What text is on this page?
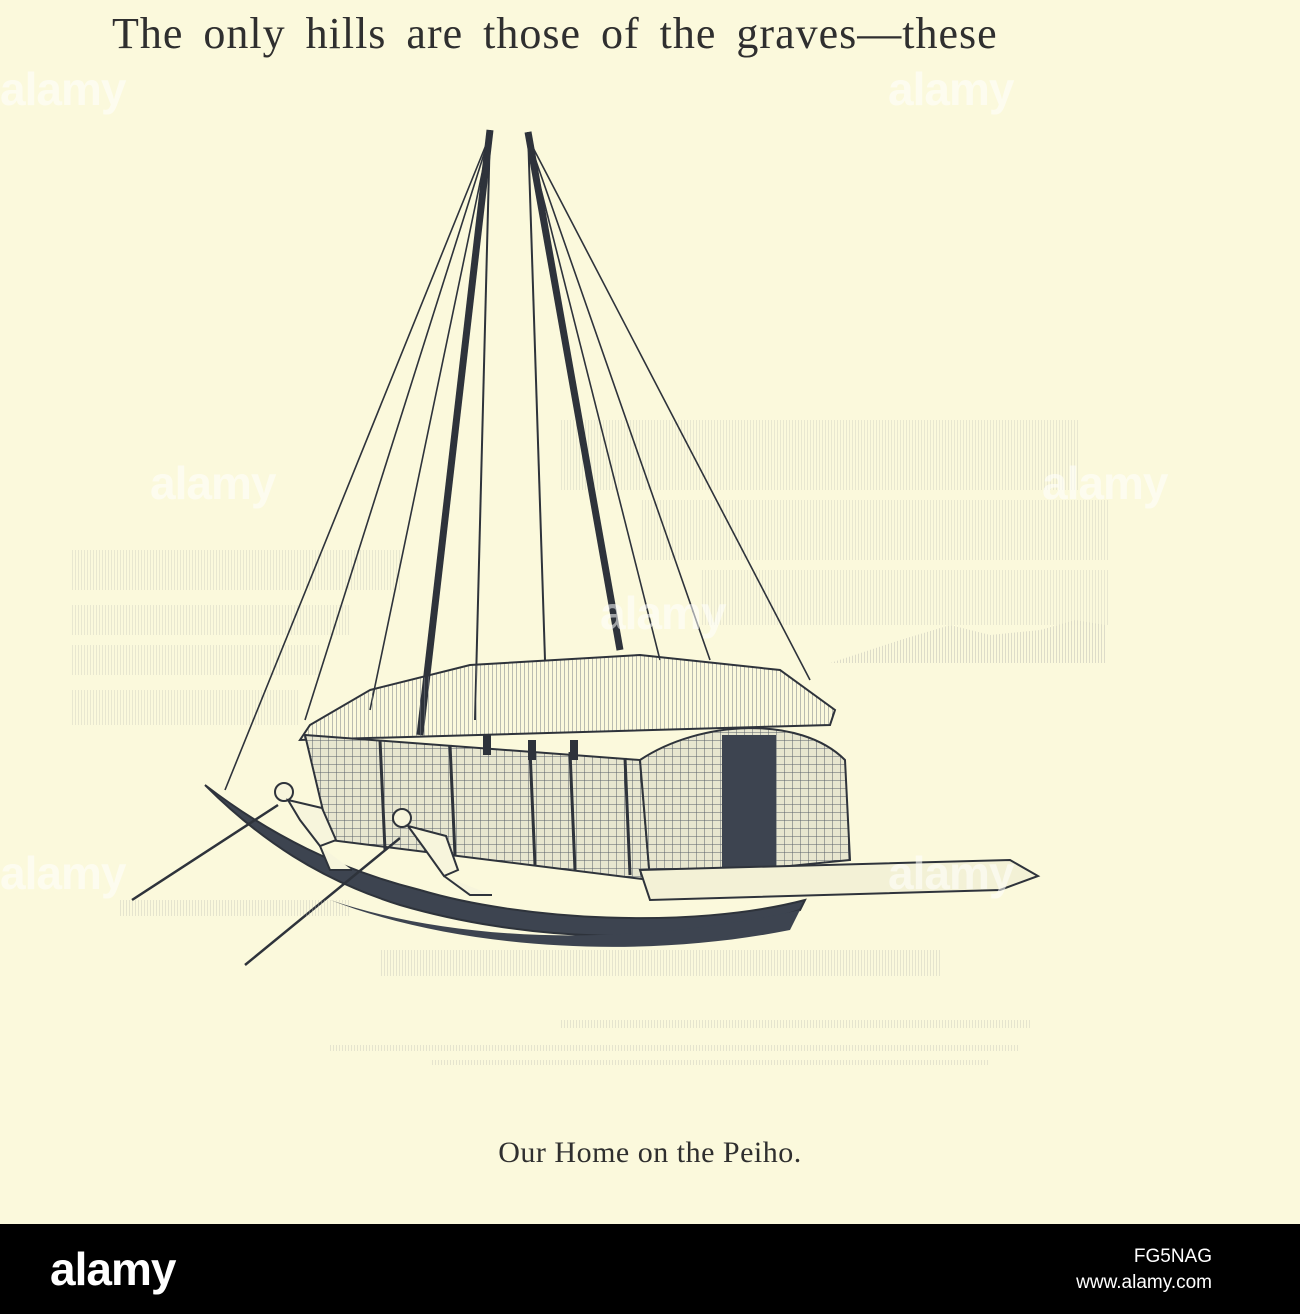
The only hills are those of the graves—these

alamy	alamy
alamy	alamy
alamy
alamy	alamy

Our Home on the Peiho.

alamy	FG5NAG
www.alamy.com
